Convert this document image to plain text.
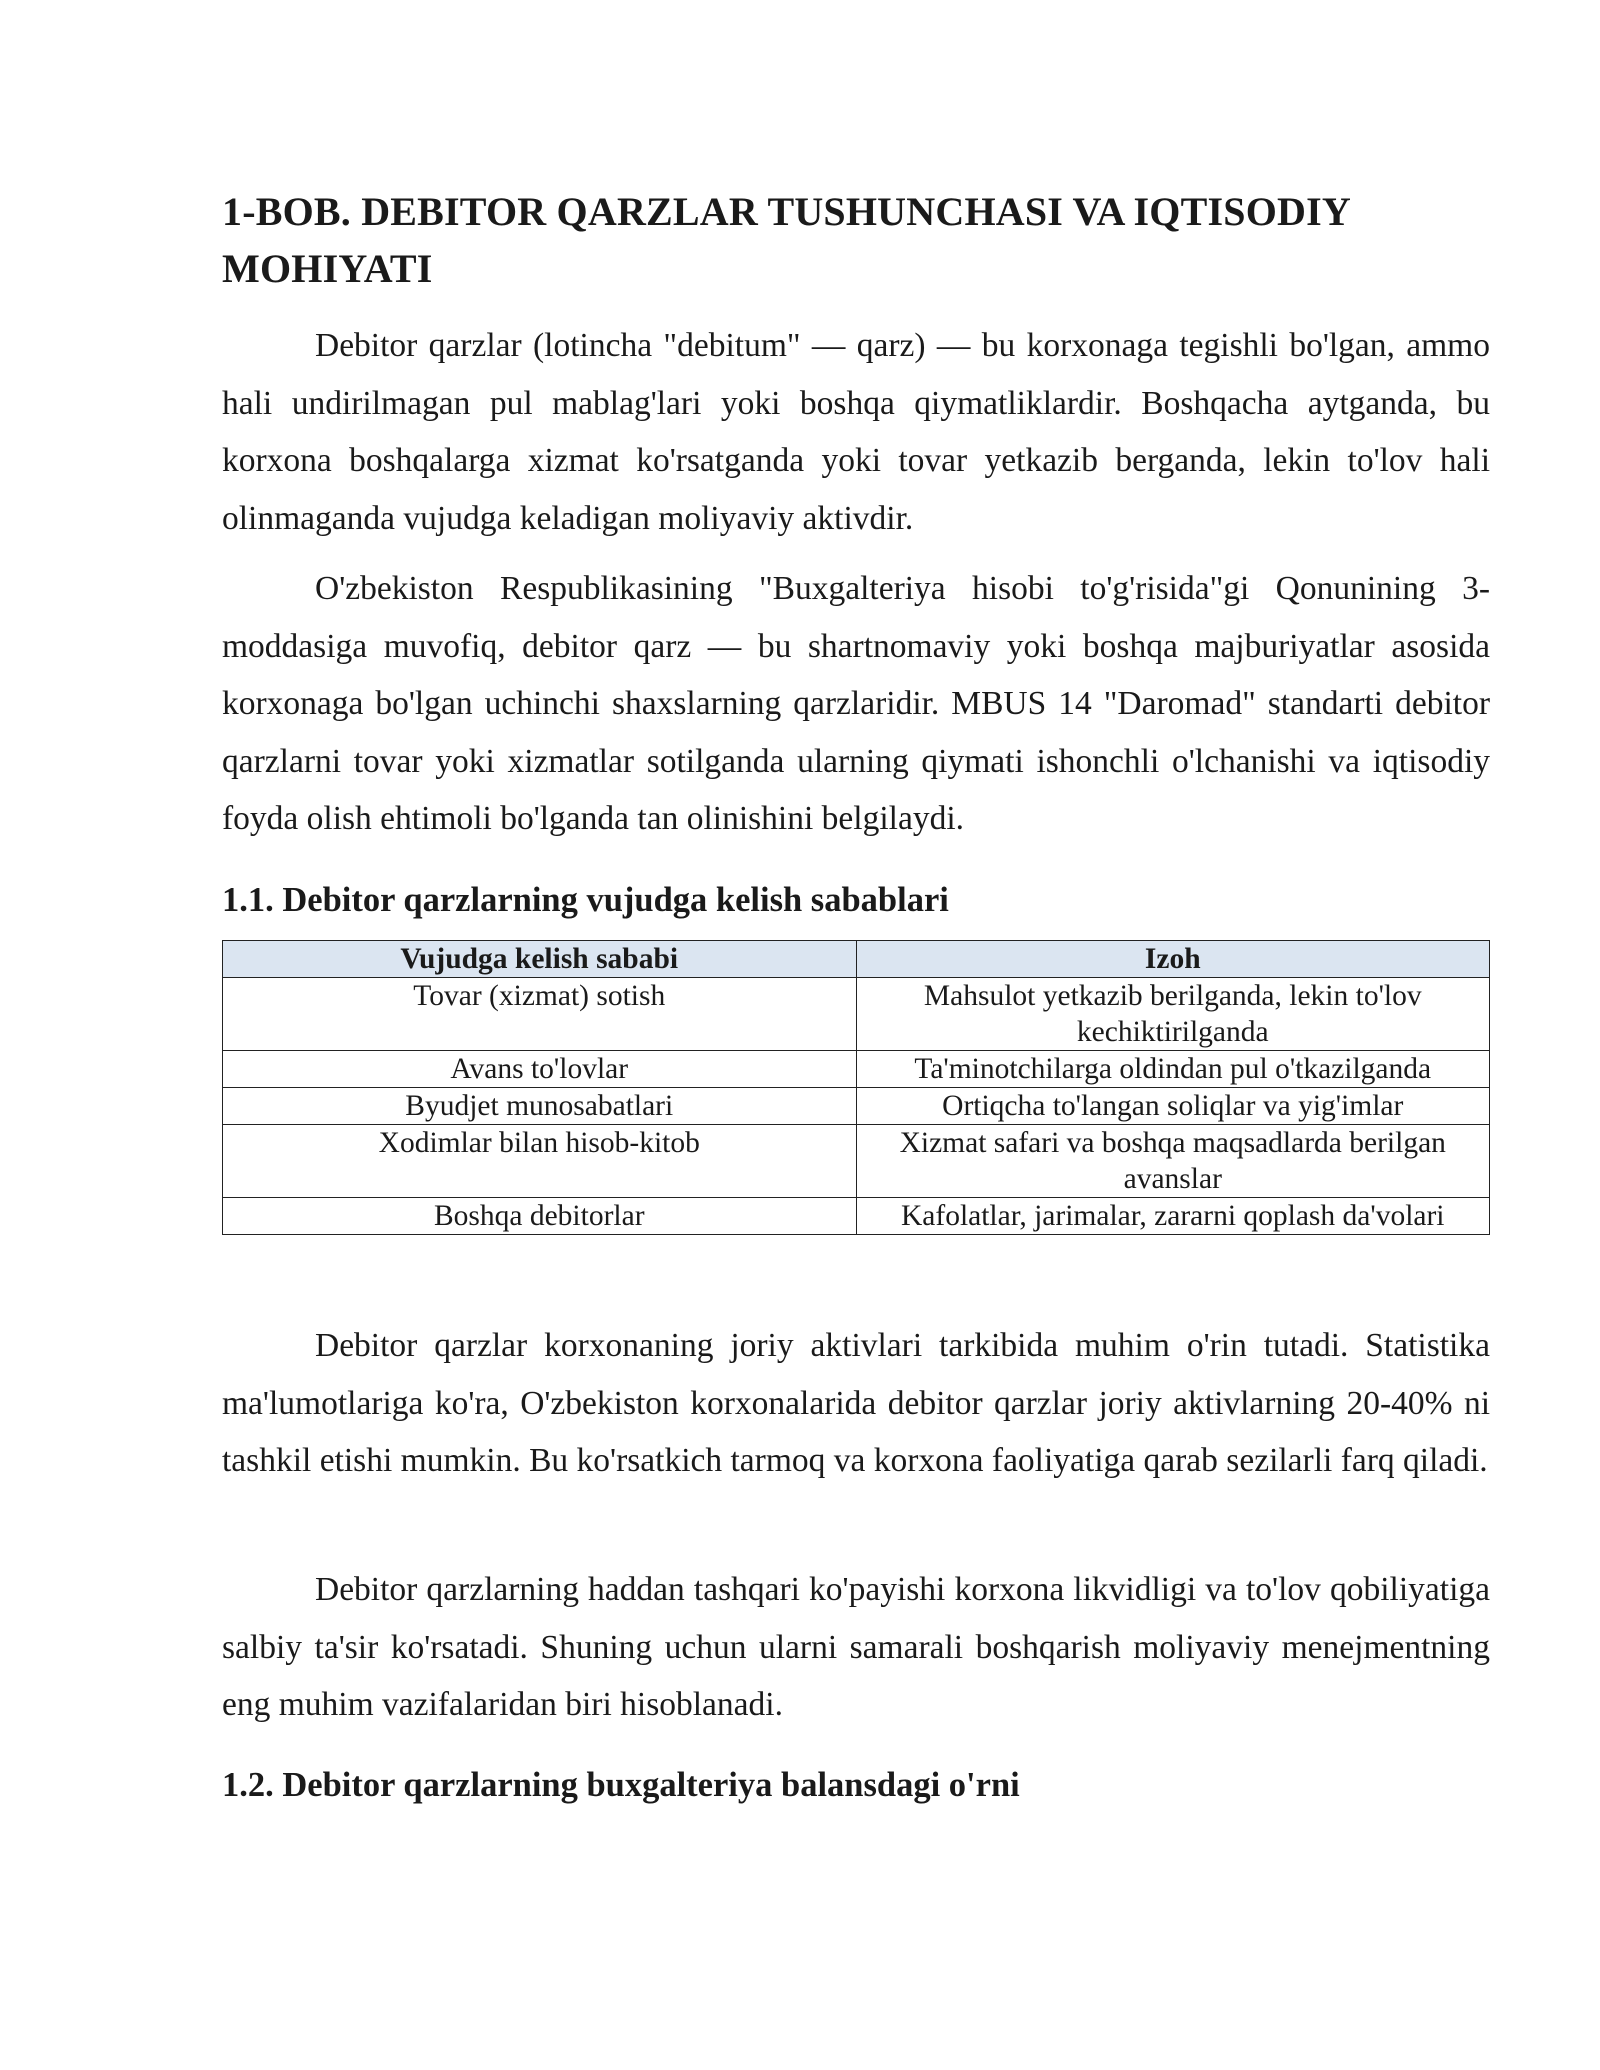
1-BOB. DEBITOR QARZLAR TUSHUNCHASI VA IQTISODIY MOHIYATI

Debitor qarzlar (lotincha "debitum" — qarz) — bu korxonaga tegishli bo'lgan, ammo hali undirilmagan pul mablag'lari yoki boshqa qiymatliklardir. Boshqacha aytganda, bu korxona boshqalarga xizmat ko'rsatganda yoki tovar yetkazib berganda, lekin to'lov hali olinmaganda vujudga keladigan moliyaviy aktivdir.

O'zbekiston Respublikasining "Buxgalteriya hisobi to'g'risida"gi Qonunining 3-moddasiga muvofiq, debitor qarz — bu shartnomaviy yoki boshqa majburiyatlar asosida korxonaga bo'lgan uchinchi shaxslarning qarzlaridir. MBUS 14 "Daromad" standarti debitor qarzlarni tovar yoki xizmatlar sotilganda ularning qiymati ishonchli o'lchanishi va iqtisodiy foyda olish ehtimoli bo'lganda tan olinishini belgilaydi.

1.1. Debitor qarzlarning vujudga kelish sabablari
Vujudga kelish sababi	Izoh
Tovar (xizmat) sotish	Mahsulot yetkazib berilganda, lekin to'lov kechiktirilganda
Avans to'lovlar	Ta'minotchilarga oldindan pul o'tkazilganda
Byudjet munosabatlari	Ortiqcha to'langan soliqlar va yig'imlar
Xodimlar bilan hisob-kitob	Xizmat safari va boshqa maqsadlarda berilgan avanslar
Boshqa debitorlar	Kafolatlar, jarimalar, zararni qoplash da'volari

Debitor qarzlar korxonaning joriy aktivlari tarkibida muhim o'rin tutadi. Statistika ma'lumotlariga ko'ra, O'zbekiston korxonalarida debitor qarzlar joriy aktivlarning 20-40% ni tashkil etishi mumkin. Bu ko'rsatkich tarmoq va korxona faoliyatiga qarab sezilarli farq qiladi.

Debitor qarzlarning haddan tashqari ko'payishi korxona likvidligi va to'lov qobiliyatiga salbiy ta'sir ko'rsatadi. Shuning uchun ularni samarali boshqarish moliyaviy menejmentning eng muhim vazifalaridan biri hisoblanadi.

1.2. Debitor qarzlarning buxgalteriya balansdagi o'rni
